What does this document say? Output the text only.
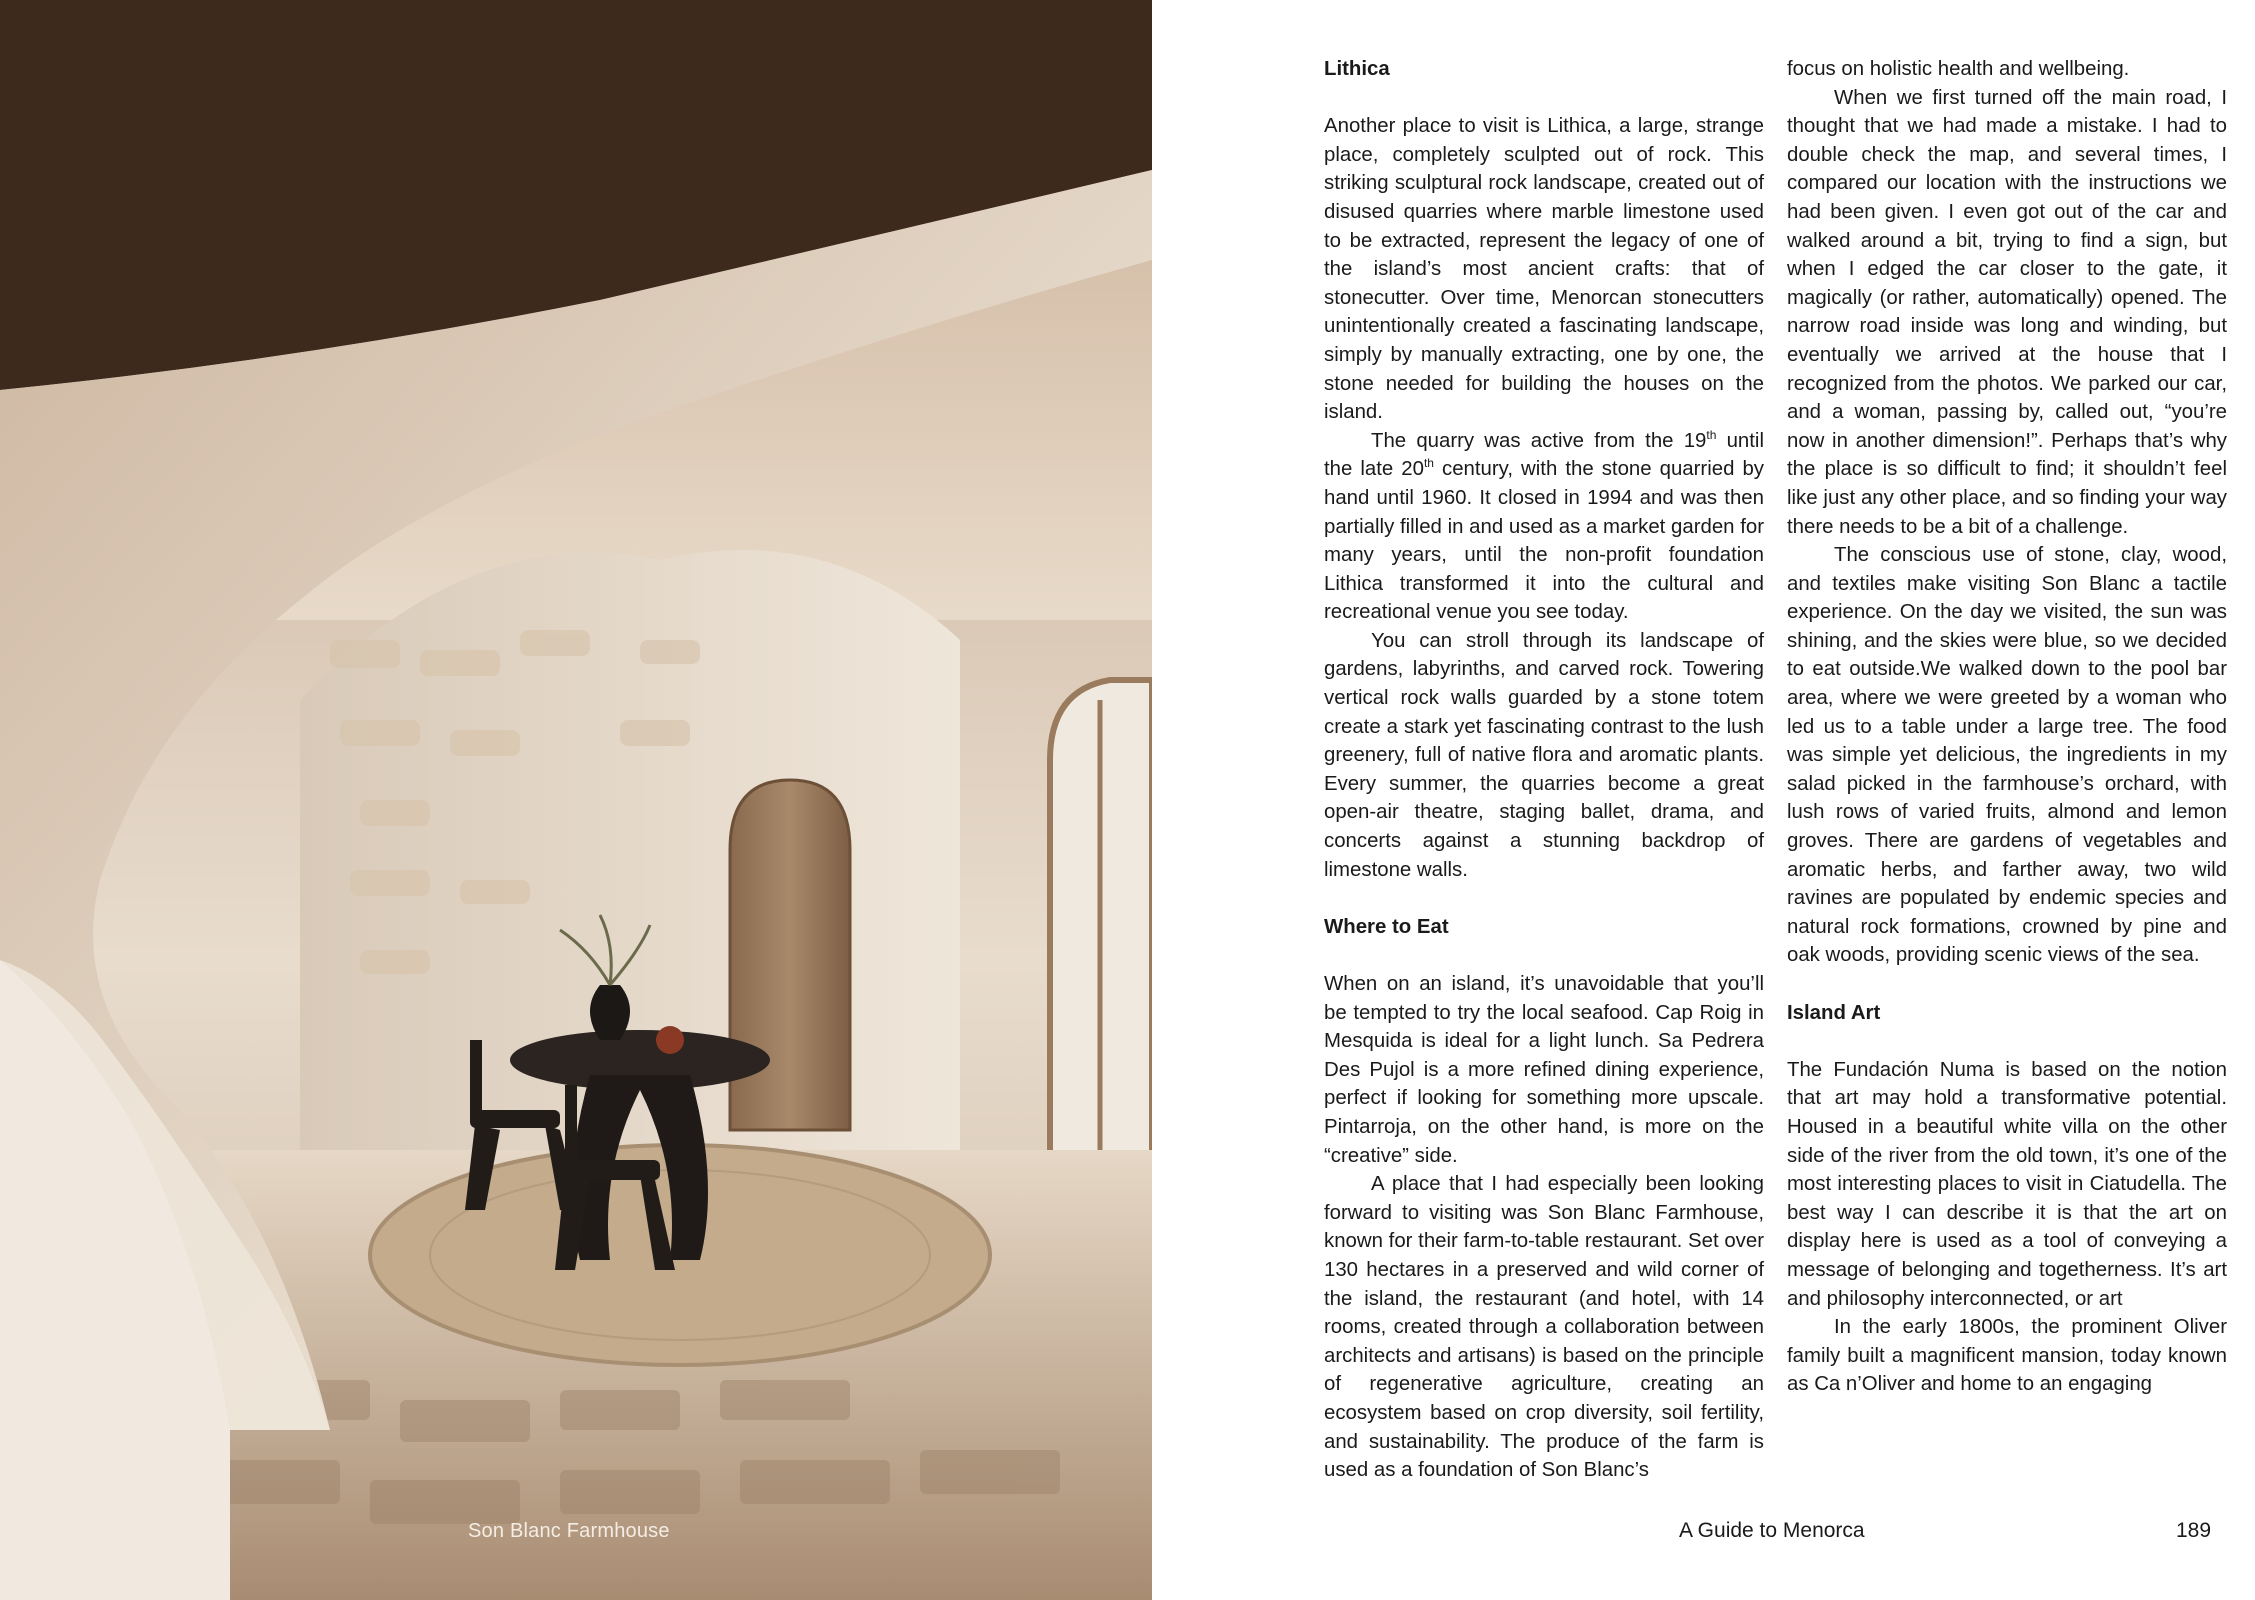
Son Blanc Farmhouse
Lithica

Another place to visit is Lithica, a large, strange place, completely sculpted out of rock. This striking sculptural rock landscape, created out of disused quarries where marble limestone used to be extracted, represent the legacy of one of the island’s most ancient crafts: that of stonecutter. Over time, Menorcan stonecutters unintentionally created a fascinating landscape, simply by manually extracting, one by one, the stone needed for building the houses on the island.

The quarry was active from the 19th until the late 20th century, with the stone quarried by hand until 1960. It closed in 1994 and was then partially filled in and used as a market garden for many years, until the non-profit foundation Lithica transformed it into the cultural and recreational venue you see today.

You can stroll through its landscape of gardens, labyrinths, and carved rock. Towering vertical rock walls guarded by a stone totem create a stark yet fascinating contrast to the lush greenery, full of native flora and aromatic plants. Every summer, the quarries become a great open-air theatre, staging ballet, drama, and concerts against a stunning backdrop of limestone walls.

Where to Eat

When on an island, it’s unavoidable that you’ll be tempted to try the local seafood. Cap Roig in Mesquida is ideal for a light lunch. Sa Pedrera Des Pujol is a more refined dining experience, perfect if looking for something more upscale. Pintarroja, on the other hand, is more on the “creative” side.

A place that I had especially been looking forward to visiting was Son Blanc Farmhouse, known for their farm-to-table restaurant. Set over 130 hectares in a preserved and wild corner of the island, the restaurant (and hotel, with 14 rooms, created through a collaboration between architects and artisans) is based on the principle of regenerative agriculture, creating an ecosystem based on crop diversity, soil fertility, and sustainability. The produce of the farm is used as a foundation of Son Blanc’s

focus on holistic health and wellbeing.

When we first turned off the main road, I thought that we had made a mistake. I had to double check the map, and several times, I compared our location with the instructions we had been given. I even got out of the car and walked around a bit, trying to find a sign, but when I edged the car closer to the gate, it magically (or rather, automatically) opened. The narrow road inside was long and winding, but eventually we arrived at the house that I recognized from the photos. We parked our car, and a woman, passing by, called out, “you’re now in another dimension!”. Perhaps that’s why the place is so difficult to find; it shouldn’t feel like just any other place, and so finding your way there needs to be a bit of a challenge.

The conscious use of stone, clay, wood, and textiles make visiting Son Blanc a tactile experience. On the day we visited, the sun was shining, and the skies were blue, so we decided to eat outside.We walked down to the pool bar area, where we were greeted by a woman who led us to a table under a large tree. The food was simple yet delicious, the ingredients in my salad picked in the farmhouse’s orchard, with lush rows of varied fruits, almond and lemon groves. There are gardens of vegetables and aromatic herbs, and farther away, two wild ravines are populated by endemic species and natural rock formations, crowned by pine and oak woods, providing scenic views of the sea.

Island Art

The Fundación Numa is based on the notion that art may hold a transformative potential. Housed in a beautiful white villa on the other side of the river from the old town, it’s one of the most interesting places to visit in Ciatudella. The best way I can describe it is that the art on display here is used as a tool of conveying a message of belonging and togetherness. It’s art and philosophy interconnected, or art

In the early 1800s, the prominent Oliver family built a magnificent mansion, today known as Ca n’Oliver and home to an engaging

A Guide to Menorca	189
